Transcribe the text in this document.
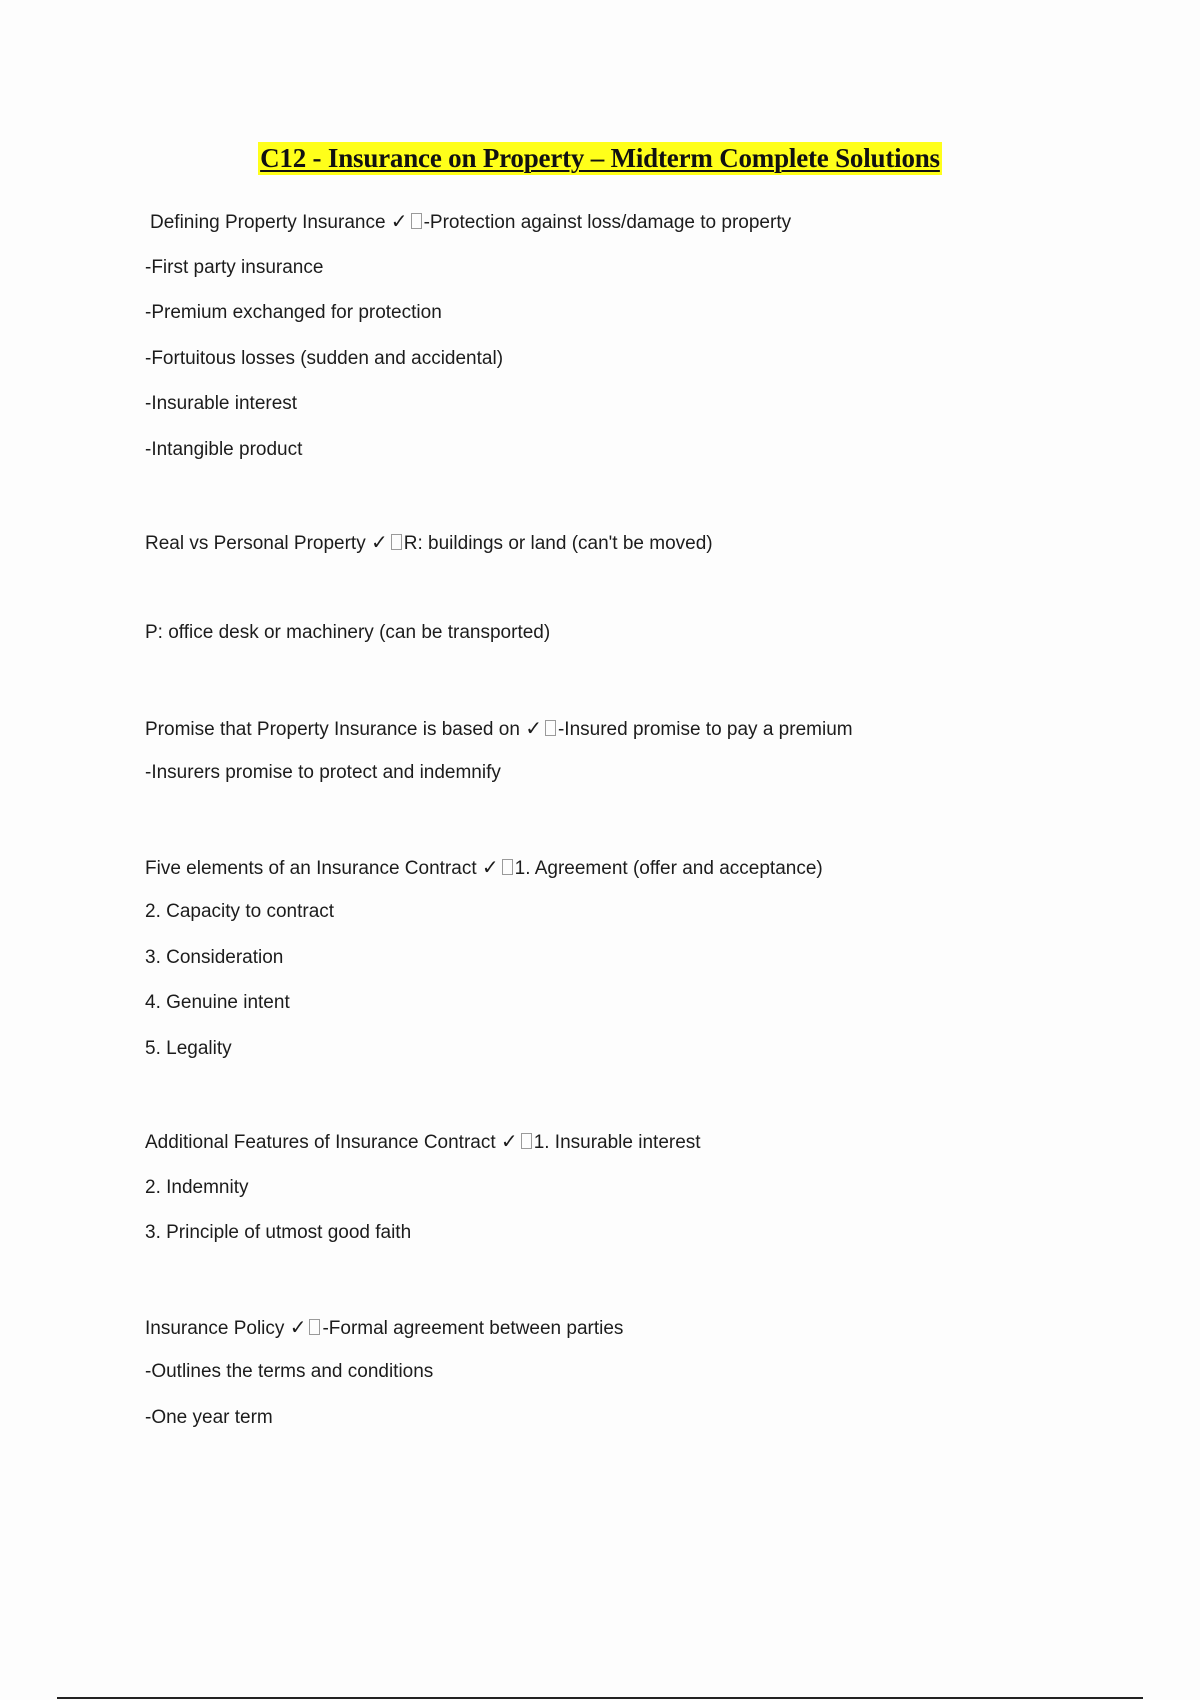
C12 - Insurance on Property – Midterm Complete Solutions
Defining Property Insurance ✓ -Protection against loss/damage to property
-First party insurance
-Premium exchanged for protection
-Fortuitous losses (sudden and accidental)
-Insurable interest
-Intangible product
Real vs Personal Property ✓ R: buildings or land (can't be moved)
P: office desk or machinery (can be transported)
Promise that Property Insurance is based on ✓ -Insured promise to pay a premium
-Insurers promise to protect and indemnify
Five elements of an Insurance Contract ✓ 1. Agreement (offer and acceptance)
2. Capacity to contract
3. Consideration
4. Genuine intent
5. Legality
Additional Features of Insurance Contract ✓ 1. Insurable interest
2. Indemnity
3. Principle of utmost good faith
Insurance Policy ✓ -Formal agreement between parties
-Outlines the terms and conditions
-One year term
